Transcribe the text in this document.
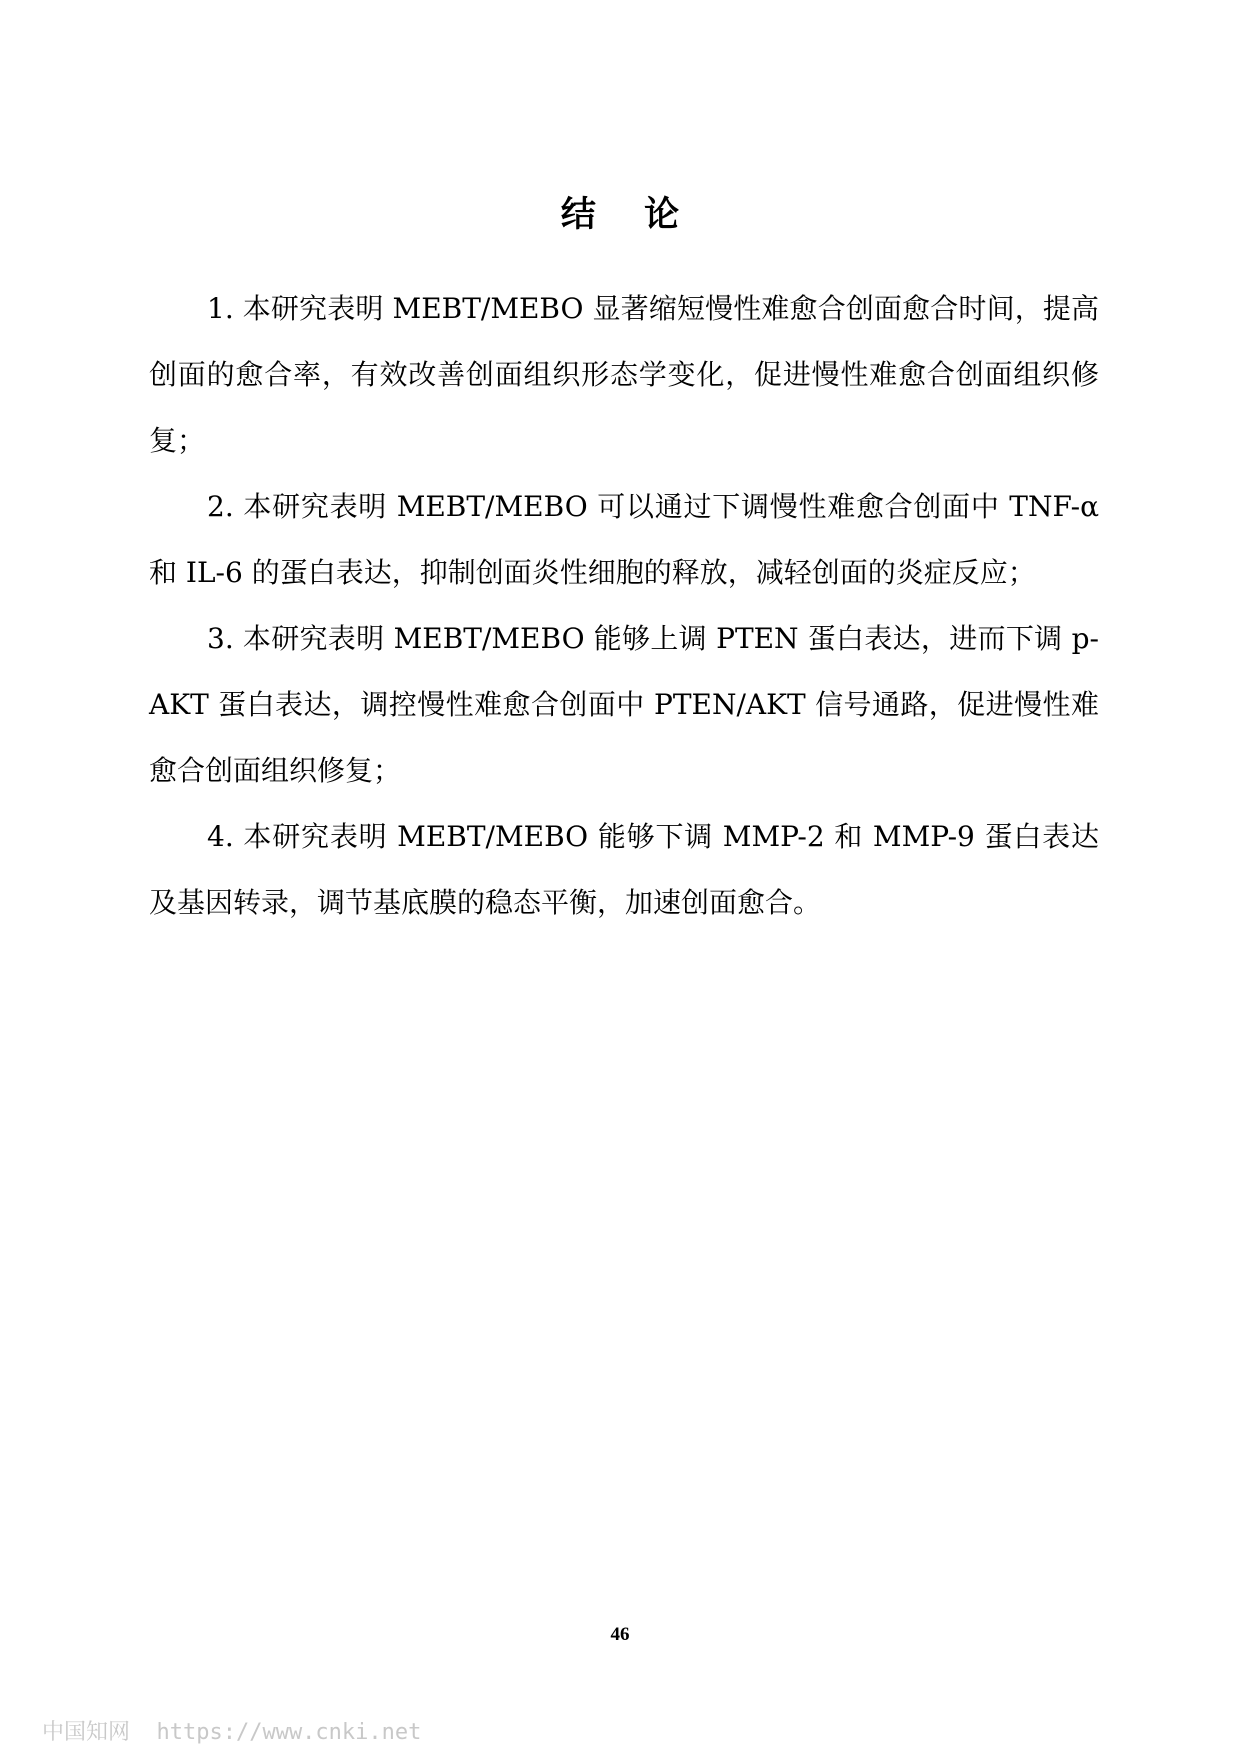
结 论

1. 本研究表明 MEBT/MEBO 显著缩短慢性难愈合创面愈合时间，提高创面的愈合率，有效改善创面组织形态学变化，促进慢性难愈合创面组织修复；

2. 本研究表明 MEBT/MEBO 可以通过下调慢性难愈合创面中 TNF-α 和 IL-6 的蛋白表达，抑制创面炎性细胞的释放，减轻创面的炎症反应；

3. 本研究表明 MEBT/MEBO 能够上调 PTEN 蛋白表达，进而下调 p-AKT 蛋白表达，调控慢性难愈合创面中 PTEN/AKT 信号通路，促进慢性难愈合创面组织修复；

4. 本研究表明 MEBT/MEBO 能够下调 MMP-2 和 MMP-9 蛋白表达及基因转录，调节基底膜的稳态平衡，加速创面愈合。

46
中国知网  https://www.cnki.net
